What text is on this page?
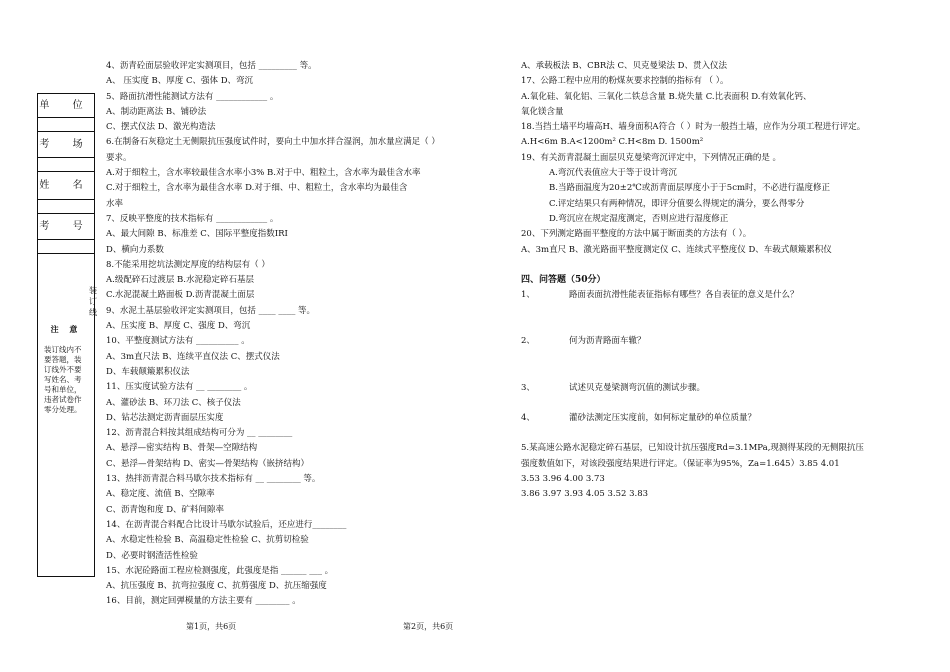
单 位
考 场
姓 名
考 号
注 意
装订线内不要答题，装订线外不要写姓名、考号和单位，违者试卷作零分处理。
装订线
4、沥青砼面层验收评定实测项目，包括 _________ 等。
A、 压实度 B、厚度 C、强体 D、弯沉
5、路面抗滑性能测试方法有 ____________ 。
A、制动距离法 B、铺砂法
C、摆式仪法 D、激光构造法
6.在制备石灰稳定土无侧限抗压强度试件时，要向土中加水拌合湿润，加水量应满足（ ）
要求。
A.对于细粒土，含水率较最佳含水率小3% B.对于中、粗粒土，含水率为最佳含水率
C.对于细粒土，含水率为最佳含水率 D.对于细、中、粗粒土，含水率均为最佳含
水率
7、反映平整度的技术指标有 ____________ 。
A、最大间隙 B、标准差 C、国际平整度指数IRI
D、横向力系数
8.不能采用挖坑法测定厚度的结构层有（ ）
A.级配碎石过渡层 B.水泥稳定碎石基层
C.水泥混凝土路面板 D.沥青混凝土面层
9、水泥土基层验收评定实测项目，包括 ____ ____ 等。
A、压实度 B、厚度 C、强度 D、弯沉
10、平整度测试方法有 __________ 。
A、3m直尺法 B、连续平直仪法 C、摆式仪法
D、车载颠簸累积仪法
11、压实度试验方法有 __ ________ 。
A、灌砂法 B、环刀法 C、核子仪法
D、钻芯法测定沥青面层压实度
12、沥青混合料按其组成结构可分为 __ ________
A、悬浮—密实结构 B、骨架—空隙结构
C、悬浮—骨架结构 D、密实—骨架结构（嵌挤结构）
13、热拌沥青混合料马歇尔技术指标有 __ ________ 等。
A、稳定度、流值 B、空隙率
C、沥青饱和度 D、矿料间隙率
14、在沥青混合料配合比设计马歇尔试验后，还应进行________
A、水稳定性检验 B、高温稳定性检验 C、抗剪切检验
D、必要时钢渣活性检验
15、水泥砼路面工程应检测强度，此强度是指 ______ ___ 。
A、抗压强度 B、抗弯拉强度 C、抗剪强度 D、抗压缩强度
16、目前，测定回弹模量的方法主要有 ________ 。
A、承载板法 B、CBR法 C、贝克曼梁法 D、贯入仪法
17、公路工程中应用的粉煤灰要求控制的指标有 （ ）。
A.氧化硅、氧化铝、三氧化二铁总含量 B.烧失量 C.比表面积 D.有效氧化钙、
氧化镁含量
18.当挡土墙平均墙高H、墙身面积A符合（ ）时为一般挡土墙，应作为分项工程进行评定。
A.H<6m B.A<1200m² C.H<8m D. 1500m²
19、有关沥青混凝土面层贝克曼梁弯沉评定中，下列情况正确的是 。
A.弯沉代表值应大于等于设计弯沉
B.当路面温度为20±2℃或沥青面层厚度小于于5cm时，不必进行温度修正
C.评定结果只有两种情况，即评分值要么得规定的满分，要么得零分
D.弯沉应在规定湿度测定，否则应进行湿度修正
20、下列测定路面平整度的方法中属于断面类的方法有（ ）。
A、3m直尺 B、激光路面平整度测定仪 C、连续式平整度仪 D、车载式颠簸累积仪
四、问答题（50分）
1、	路面表面抗滑性能表征指标有哪些？各自表征的意义是什么？
2、	何为沥青路面车辙？
3、	试述贝克曼梁测弯沉值的测试步骤。
4、	灌砂法测定压实度前，如何标定量砂的单位质量？
5.某高速公路水泥稳定碎石基层，已知设计抗压强度Rd=3.1MPa,现测得某段的无侧限抗压
强度数值如下，对该段强度结果进行评定。（保证率为95%，Za=1.645）3.85 4.01
3.53 3.96 4.00 3.73
3.86 3.97 3.93 4.05 3.52 3.83
第1页，共6页	第2页，共6页
